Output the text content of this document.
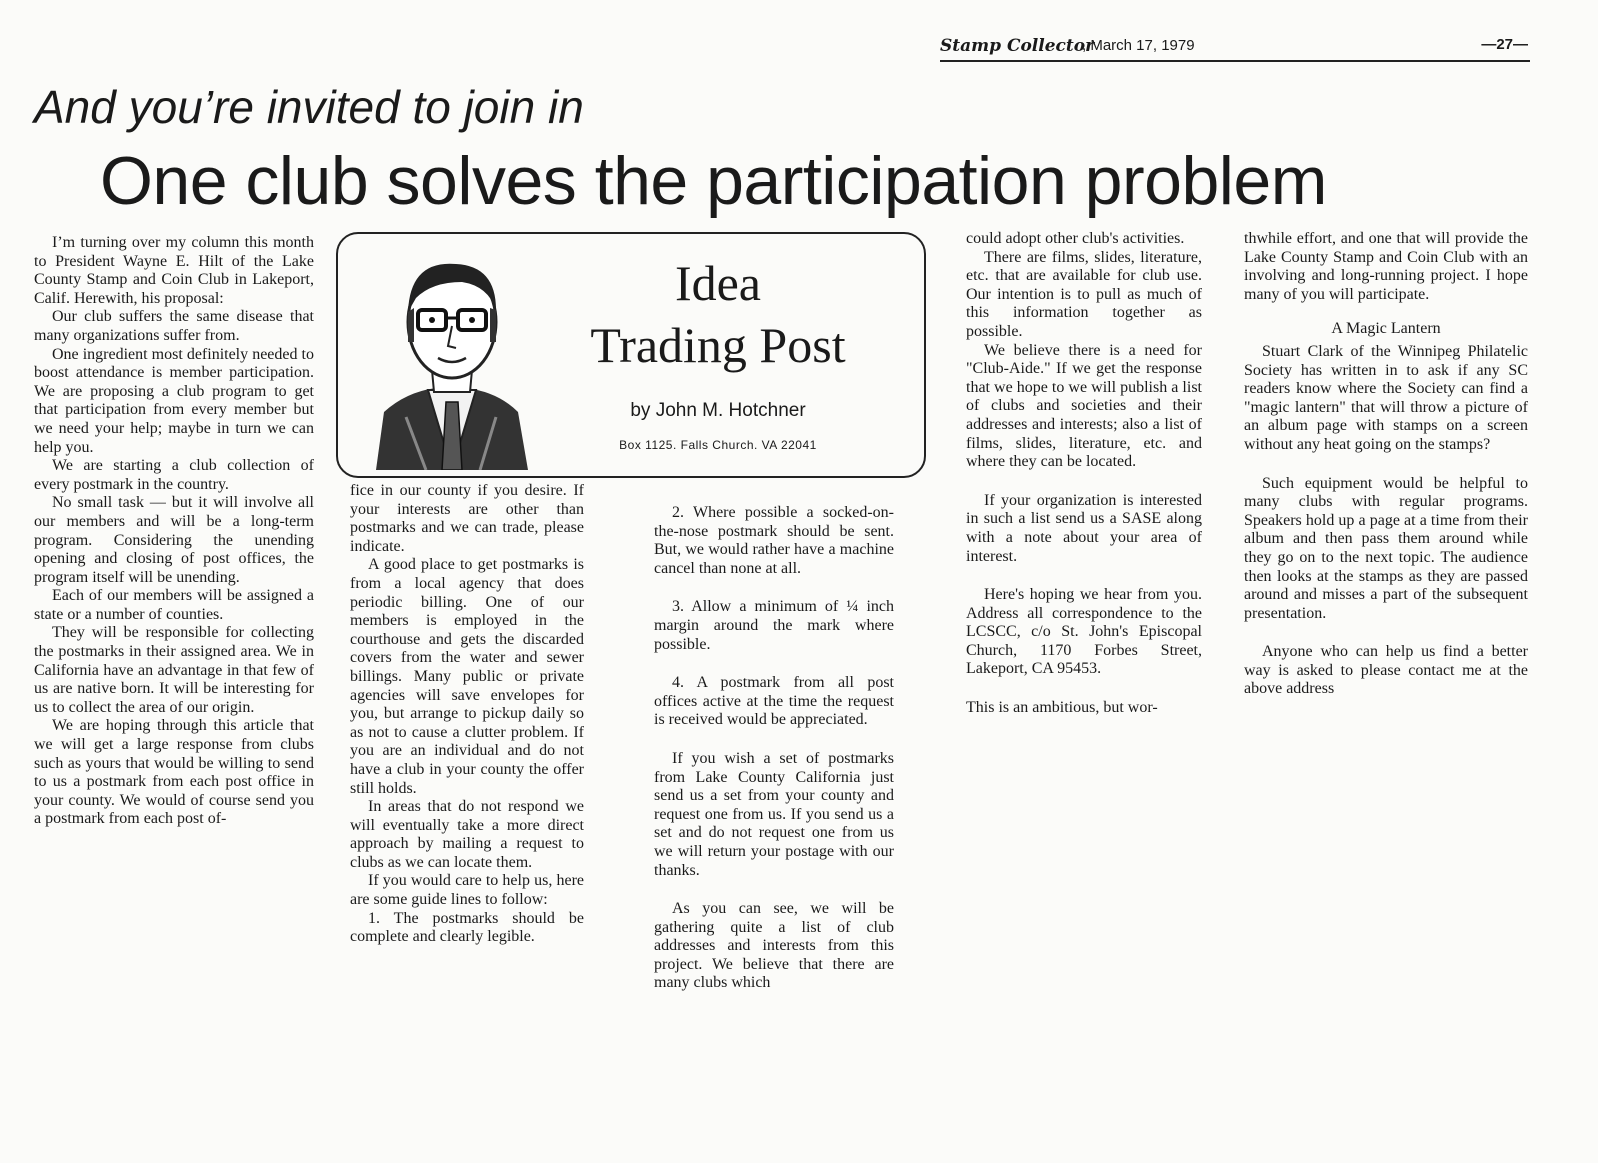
Stamp Collector
, March 17, 1979	—27—
And you’re invited to join in
One club solves the participation problem

I’m turning over my column this month to President Wayne E. Hilt of the Lake County Stamp and Coin Club in Lakeport, Calif. Herewith, his proposal:

Our club suffers the same disease that many organizations suffer from.

One ingredient most definitely needed to boost attendance is member participation. We are proposing a club program to get that participation from every member but we need your help; maybe in turn we can help you.

We are starting a club collection of every postmark in the country.

No small task — but it will involve all our members and will be a long-term program. Considering the unending opening and closing of post offices, the program itself will be unending.

Each of our members will be assigned a state or a number of counties.

They will be responsible for collecting the postmarks in their assigned area. We in California have an advantage in that few of us are native born. It will be interesting for us to collect the area of our origin.

We are hoping through this article that we will get a large response from clubs such as yours that would be willing to send to us a postmark from each post office in your county. We would of course send you a postmark from each post of-

Idea
Trading Post
by John M. Hotchner
Box 1125. Falls Church. VA 22041

fice in our county if you desire. If your interests are other than postmarks and we can trade, please indicate.

A good place to get postmarks is from a local agency that does periodic billing. One of our members is employed in the courthouse and gets the discarded covers from the water and sewer billings. Many public or private agencies will save envelopes for you, but arrange to pickup daily so as not to cause a clutter problem. If you are an individual and do not have a club in your county the offer still holds.

In areas that do not respond we will eventually take a more direct approach by mailing a request to clubs as we can locate them.

If you would care to help us, here are some guide lines to follow:

1. The postmarks should be complete and clearly legible.

2. Where possible a socked-on-the-nose postmark should be sent. But, we would rather have a machine cancel than none at all.

3. Allow a minimum of ¼ inch margin around the mark where possible.

4. A postmark from all post offices active at the time the request is received would be appreciated.

If you wish a set of postmarks from Lake County California just send us a set from your county and request one from us. If you send us a set and do not request one from us we will return your postage with our thanks.

As you can see, we will be gathering quite a list of club addresses and interests from this project. We believe that there are many clubs which

could adopt other club's activities.

There are films, slides, literature, etc. that are available for club use. Our intention is to pull as much of this information together as possible.

We believe there is a need for "Club-Aide." If we get the response that we hope to we will publish a list of clubs and societies and their addresses and interests; also a list of films, slides, literature, etc. and where they can be located.

If your organization is interested in such a list send us a SASE along with a note about your area of interest.

Here's hoping we hear from you. Address all correspondence to the LCSCC, c/o St. John's Episcopal Church, 1170 Forbes Street, Lakeport, CA 95453.

This is an ambitious, but wor-

thwhile effort, and one that will provide the Lake County Stamp and Coin Club with an involving and long-running project. I hope many of you will participate.

A Magic Lantern

Stuart Clark of the Winnipeg Philatelic Society has written in to ask if any SC readers know where the Society can find a "magic lantern" that will throw a picture of an album page with stamps on a screen without any heat going on the stamps?

Such equipment would be helpful to many clubs with regular programs. Speakers hold up a page at a time from their album and then pass them around while they go on to the next topic. The audience then looks at the stamps as they are passed around and misses a part of the subsequent presentation.

Anyone who can help us find a better way is asked to please contact me at the above address
